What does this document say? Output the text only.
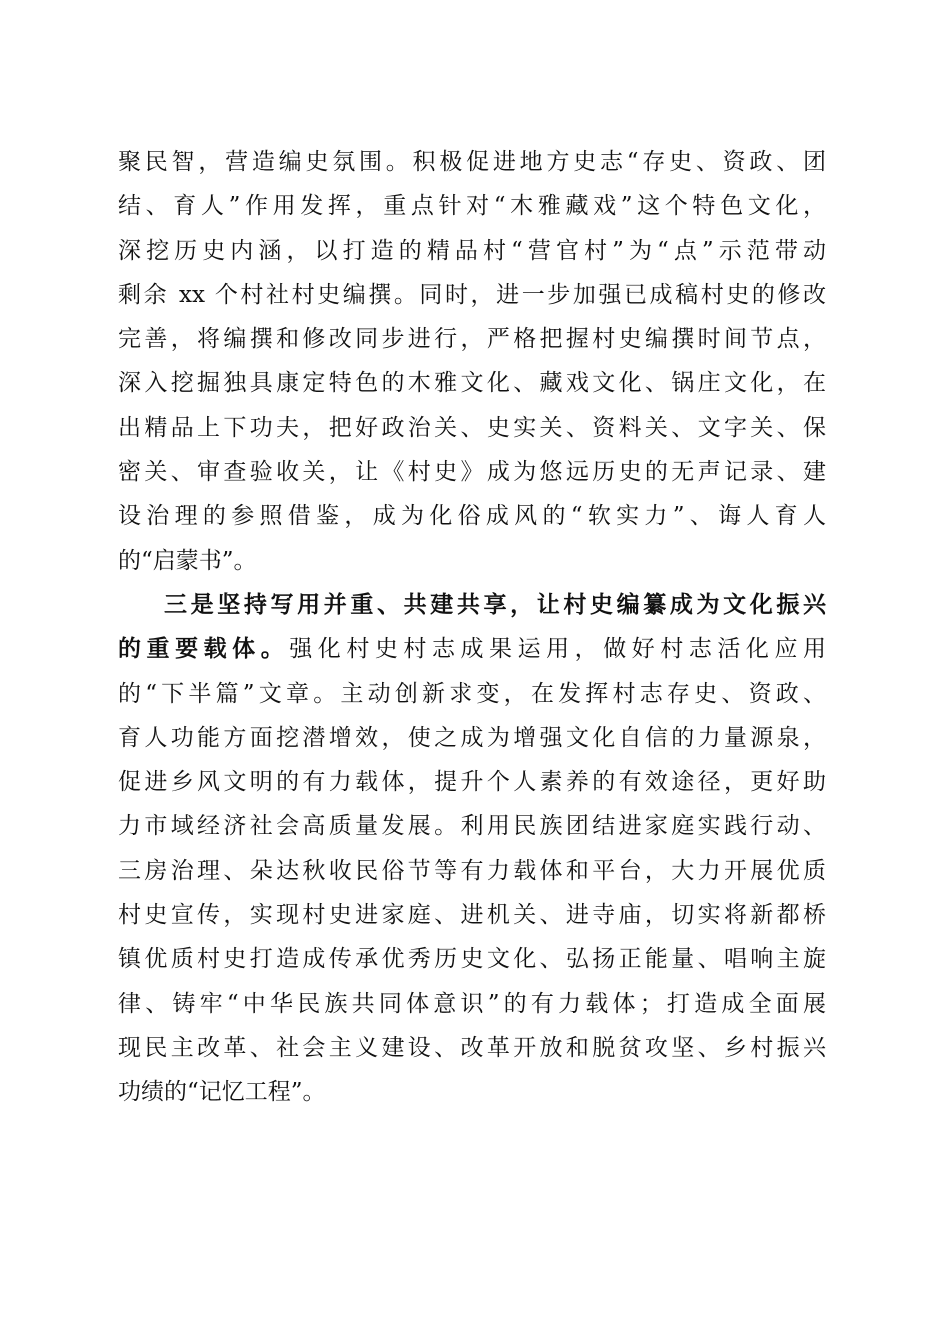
聚民智，营造编史氛围。积极促进地方史志“存史、资政、团
结、育人”作用发挥，重点针对“木雅藏戏”这个特色文化，
深挖历史内涵，以打造的精品村“营官村”为“点”示范带动
剩余 xx 个村社村史编撰。同时，进一步加强已成稿村史的修改
完善，将编撰和修改同步进行，严格把握村史编撰时间节点，
深入挖掘独具康定特色的木雅文化、藏戏文化、锅庄文化，在
出精品上下功夫，把好政治关、史实关、资料关、文字关、保
密关、审查验收关，让《村史》成为悠远历史的无声记录、建
设治理的参照借鉴，成为化俗成风的“软实力”、诲人育人
的“启蒙书”。
三是坚持写用并重、共建共享，让村史编纂成为文化振兴
的重要载体。强化村史村志成果运用，做好村志活化应用
的“下半篇”文章。主动创新求变，在发挥村志存史、资政、
育人功能方面挖潜增效，使之成为增强文化自信的力量源泉，
促进乡风文明的有力载体，提升个人素养的有效途径，更好助
力市域经济社会高质量发展。利用民族团结进家庭实践行动、
三房治理、朵达秋收民俗节等有力载体和平台，大力开展优质
村史宣传，实现村史进家庭、进机关、进寺庙，切实将新都桥
镇优质村史打造成传承优秀历史文化、弘扬正能量、唱响主旋
律、铸牢“中华民族共同体意识”的有力载体；打造成全面展
现民主改革、社会主义建设、改革开放和脱贫攻坚、乡村振兴
功绩的“记忆工程”。
